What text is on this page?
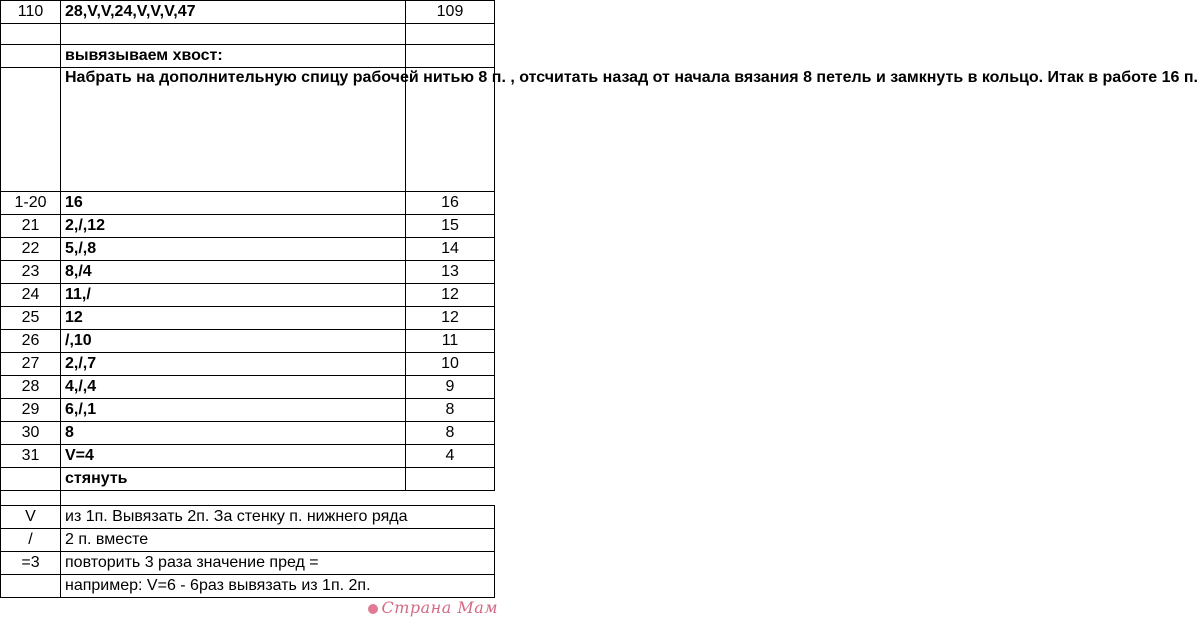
110	28,V,V,24,V,V,V,47	109

	вывязываем хвост:	
	Набрать на дополнительную спицу рабочей нитью 8 п. , отсчитать назад от начала вязания 8 петель и замкнуть в кольцо. Итак в работе 16 п.	
1-20	16	16
21	2,/,12	15
22	5,/,8	14
23	8,/4	13
24	11,/	12
25	12	12
26	/,10	11
27	2,/,7	10
28	4,/,4	9
29	6,/,1	8
30	8	8
31	V=4	4
	стянуть	

V	из 1п. Вывязать 2п. За стенку п. нижнего ряда	
/	2 п. вместе	
=3	повторить 3 раза значение пред =	
	например: V=6 - 6раз вывязать из 1п. 2п.	
Страна Мам
